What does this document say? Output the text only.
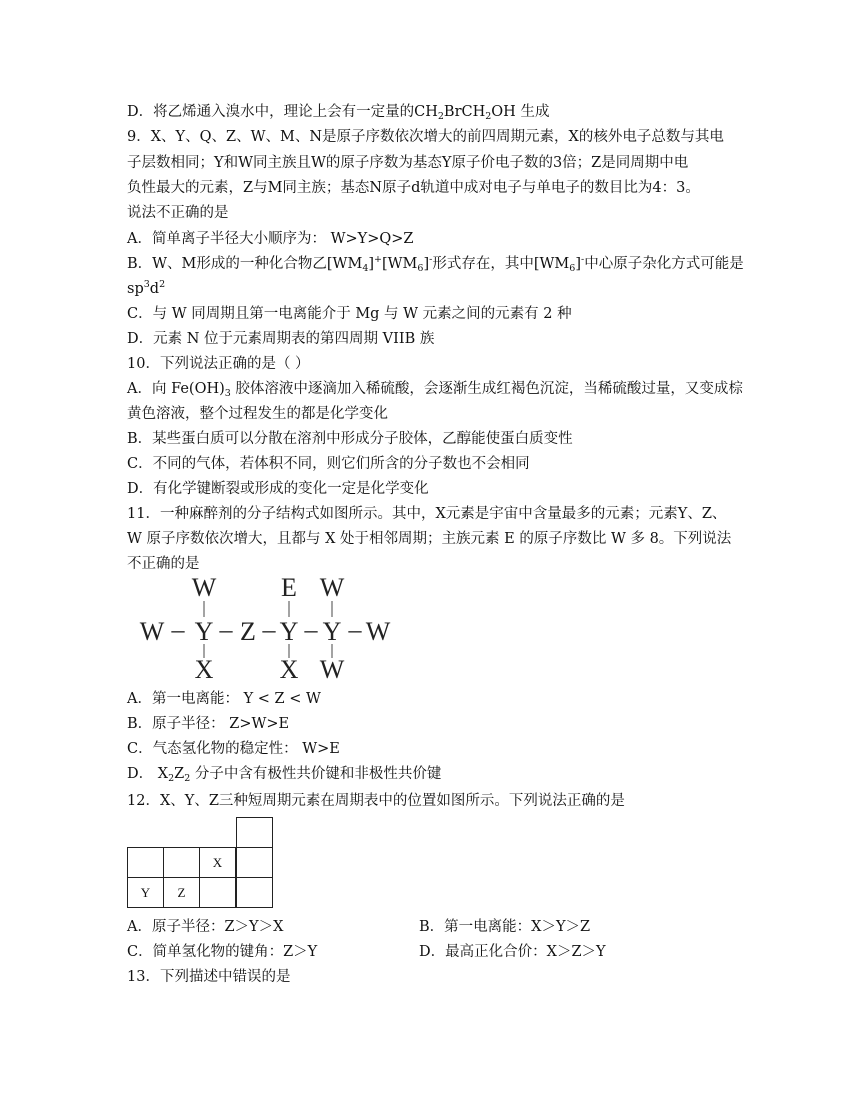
D．将乙烯通入溴水中，理论上会有一定量的$CH_2BrCH_2OH$ 生成
9．X、Y、Q、Z、W、M、N是原子序数依次增大的前四周期元素，X的核外电子总数与其电
子层数相同；Y和W同主族且W的原子序数为基态Y原子价电子数的3倍；Z是同周期中电
负性最大的元素，Z与M同主族；基态N原子d轨道中成对电子与单电子的数目比为4：3。
说法不正确的是
A．简单离子半径大小顺序为： W>Y>Q>Z
B．W、M形成的一种化合物乙$[WM_4]^+[WM_6]^-$形式存在，其中$[WM_6]^-$中心原子杂化方式可能是
$sp^3d^2$
C．与 W 同周期且第一电离能介于 Mg 与 W 元素之间的元素有 2 种
D．元素 N 位于元素周期表的第四周期 VIIB 族
10．下列说法正确的是（ ）
A．向 $Fe(OH)_3$ 胶体溶液中逐滴加入稀硫酸，会逐渐生成红褐色沉淀，当稀硫酸过量，又变成棕
黄色溶液，整个过程发生的都是化学变化
B．某些蛋白质可以分散在溶剂中形成分子胶体，乙醇能使蛋白质变性
C．不同的气体，若体积不同，则它们所含的分子数也不会相同
D．有化学键断裂或形成的变化一定是化学变化
11．一种麻醉剂的分子结构式如图所示。其中，X元素是宇宙中含量最多的元素；元素Y、Z、
W 原子序数依次增大，且都与 X 处于相邻周期；主族元素 E 的原子序数比 W 多 8。下列说法
不正确的是
W – Y – Z – Y – Y – W
W E W
X	X W
A．第一电离能： Y < Z < W
B．原子半径： Z>W>E
C．气态氢化物的稳定性： W>E
D． $X_2Z_2$ 分子中含有极性共价键和非极性共价键
12．X、Y、Z三种短周期元素在周期表中的位置如图所示。下列说法正确的是
X
Y	Z
A．原子半径：Z＞Y＞X	B．第一电离能：X＞Y＞Z
C．简单氢化物的键角：Z＞Y	D．最高正化合价：X＞Z＞Y
13．下列描述中错误的是
